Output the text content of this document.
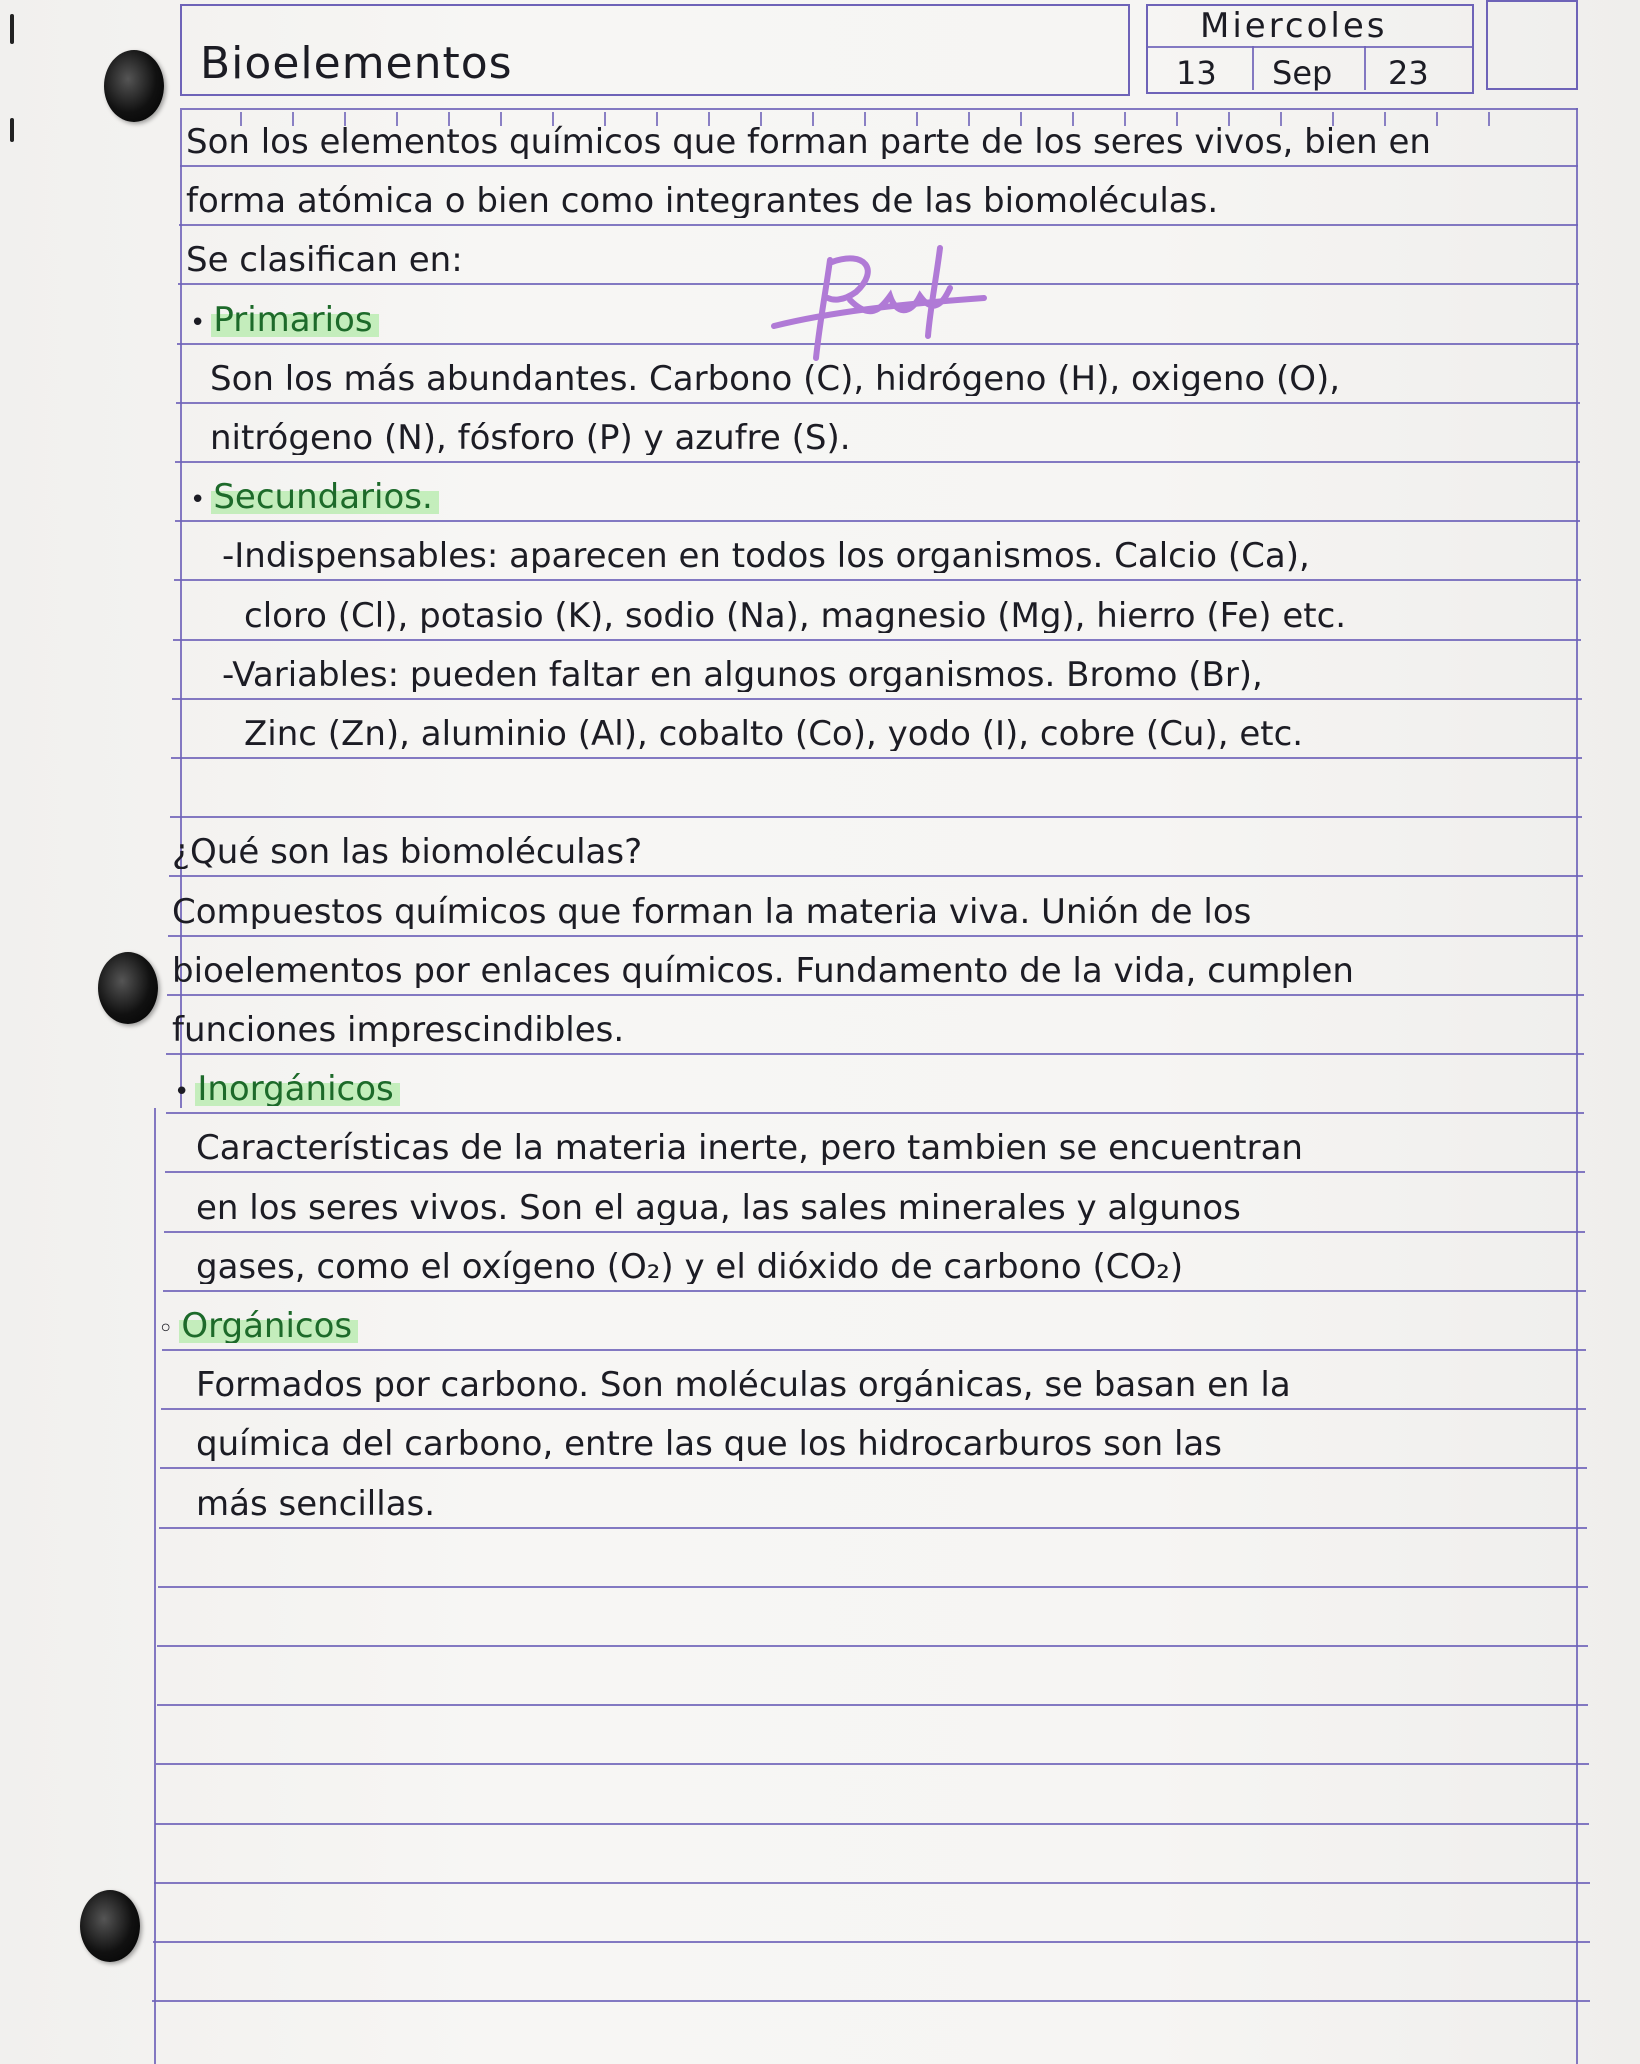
Bioelementos
Miercoles
13 Sep 23
Son los elementos químicos que forman parte de los seres vivos, bien en
forma atómica o bien como integrantes de las biomoléculas.
Se clasifican en:
• Primarios
Son los más abundantes. Carbono (C), hidrógeno (H), oxigeno (O),
nitrógeno (N), fósforo (P) y azufre (S).
• Secundarios.
-Indispensables: aparecen en todos los organismos. Calcio (Ca),
cloro (Cl), potasio (K), sodio (Na), magnesio (Mg), hierro (Fe) etc.
-Variables: pueden faltar en algunos organismos. Bromo (Br),
Zinc (Zn), aluminio (Al), cobalto (Co), yodo (I), cobre (Cu), etc.
¿Qué son las biomoléculas?
Compuestos químicos que forman la materia viva. Unión de los
bioelementos por enlaces químicos. Fundamento de la vida, cumplen
funciones imprescindibles.
• Inorgánicos
Características de la materia inerte, pero tambien se encuentran
en los seres vivos. Son el agua, las sales minerales y algunos
gases, como el oxígeno (O₂) y el dióxido de carbono (CO₂)
◦ Orgánicos
Formados por carbono. Son moléculas orgánicas, se basan en la
química del carbono, entre las que los hidrocarburos son las
más sencillas.
